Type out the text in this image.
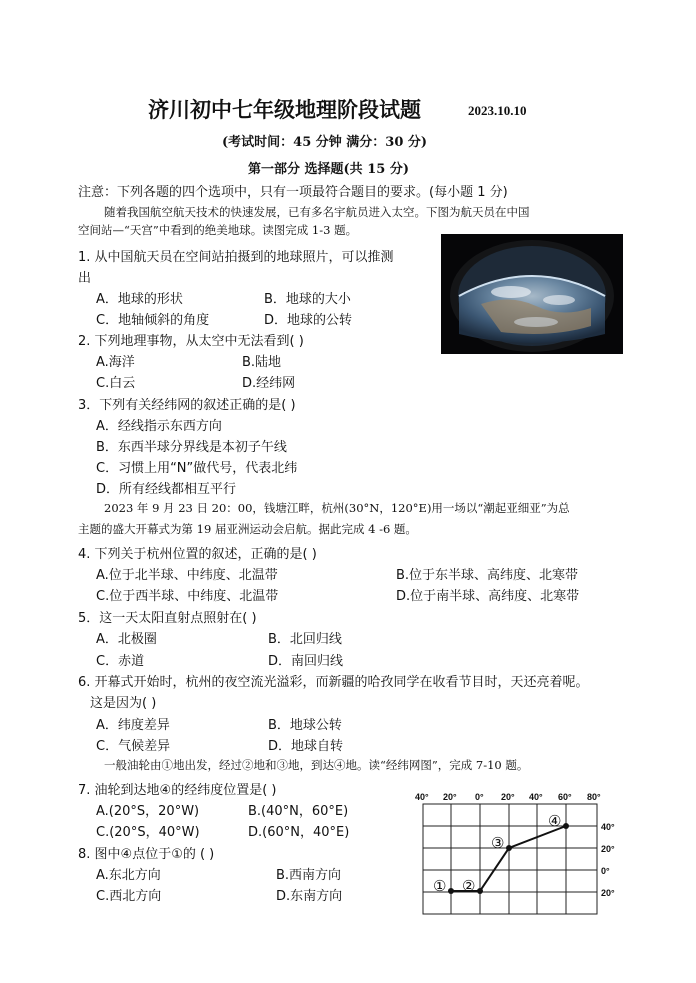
济川初中七年级地理阶段试题	2023.10.10
(考试时间：45 分钟 满分：30 分)
第一部分 选择题(共 15 分)
注意：下列各题的四个选项中，只有一项最符合题目的要求。(每小题 1 分)
随着我国航空航天技术的快速发展，已有多名宇航员进入太空。下图为航天员在中国
空间站—“天宫”中看到的绝美地球。读图完成 1-3 题。
1. 从中国航天员在空间站拍摄到的地球照片，可以推测
出
A．地球的形状	B．地球的大小
C．地轴倾斜的角度	D．地球的公转
2. 下列地理事物，从太空中无法看到( )
A.海洋	B.陆地
C.白云	D.经纬网
3．下列有关经纬网的叙述正确的是( )
A．经线指示东西方向
B．东西半球分界线是本初子午线
C．习惯上用“N”做代号，代表北纬
D．所有经线都相互平行
2023 年 9 月 23 日 20：00，钱塘江畔，杭州(30°N，120°E)用一场以“潮起亚细亚”为总
主题的盛大开幕式为第 19 届亚洲运动会启航。据此完成 4 -6 题。
4. 下列关于杭州位置的叙述，正确的是( )
A.位于北半球、中纬度、北温带	B.位于东半球、高纬度、北寒带
C.位于西半球、中纬度、北温带	D.位于南半球、高纬度、北寒带
5．这一天太阳直射点照射在( )
A．北极圈	B．北回归线
C．赤道	D．南回归线
6. 开幕式开始时，杭州的夜空流光溢彩，而新疆的哈孜同学在收看节目时，天还亮着呢。
这是因为( )
A．纬度差异	B．地球公转
C．气候差异	D．地球自转
一般油轮由①地出发，经过②地和③地，到达④地。读“经纬网图”，完成 7-10 题。
7. 油轮到达地④的经纬度位置是( )
A.(20°S，20°W)	B.(40°N，60°E)
C.(20°S，40°W)	D.(60°N，40°E)
8. 图中④点位于①的 ( )
A.东北方向	B.西南方向
C.西北方向	D.东南方向
40° 20° 0° 20° 40° 60° 80°
40°
20°
0°
20°
① ②
③
④
